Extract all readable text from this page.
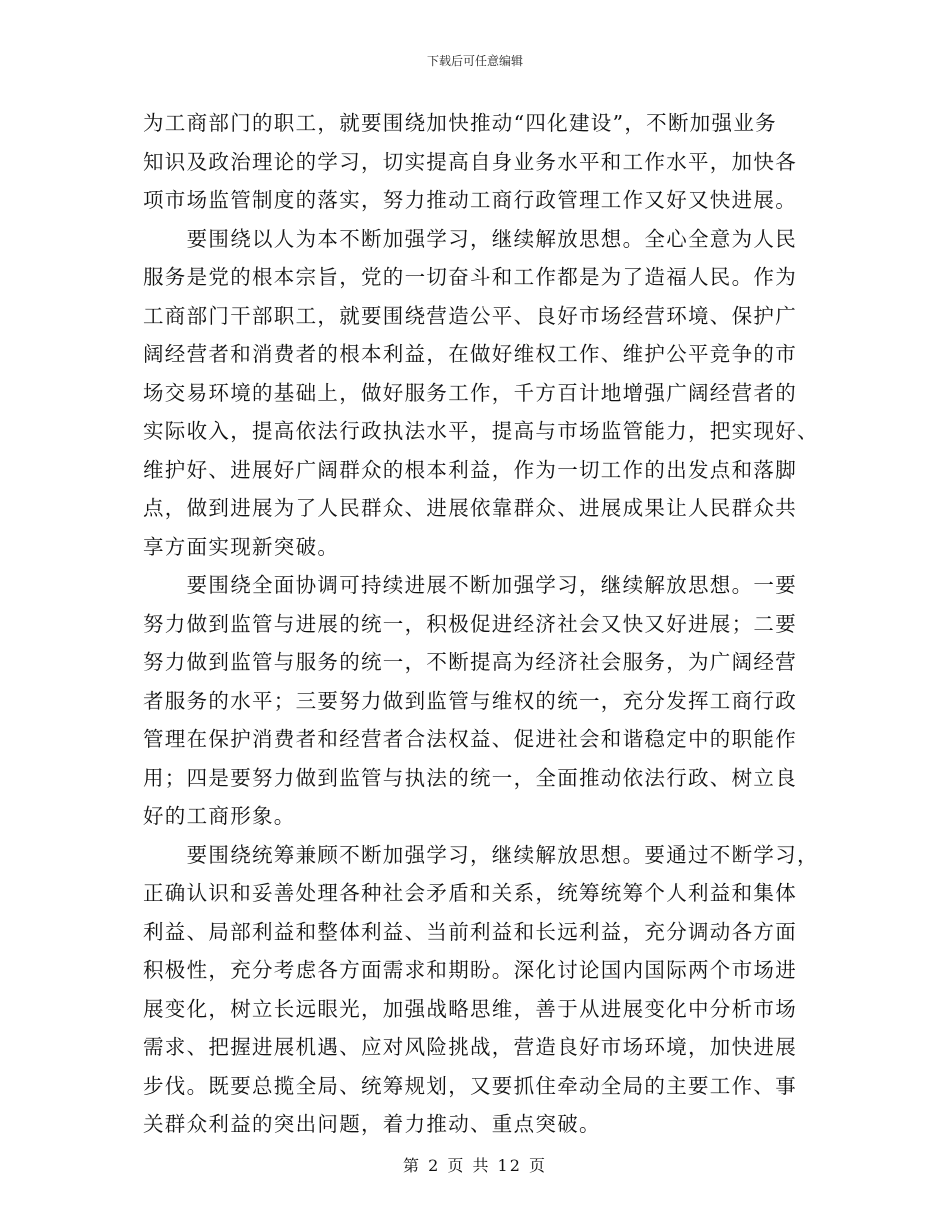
下载后可任意编辑
为工商部门的职工，就要围绕加快推动“四化建设”，不断加强业务
知识及政治理论的学习，切实提高自身业务水平和工作水平，加快各
项市场监管制度的落实，努力推动工商行政管理工作又好又快进展。
　　要围绕以人为本不断加强学习，继续解放思想。全心全意为人民
服务是党的根本宗旨，党的一切奋斗和工作都是为了造福人民。作为
工商部门干部职工，就要围绕营造公平、良好市场经营环境、保护广
阔经营者和消费者的根本利益，在做好维权工作、维护公平竞争的市
场交易环境的基础上，做好服务工作，千方百计地增强广阔经营者的
实际收入，提高依法行政执法水平，提高与市场监管能力，把实现好、
维护好、进展好广阔群众的根本利益，作为一切工作的出发点和落脚
点，做到进展为了人民群众、进展依靠群众、进展成果让人民群众共
享方面实现新突破。
　　要围绕全面协调可持续进展不断加强学习，继续解放思想。一要
努力做到监管与进展的统一，积极促进经济社会又快又好进展；二要
努力做到监管与服务的统一，不断提高为经济社会服务，为广阔经营
者服务的水平；三要努力做到监管与维权的统一，充分发挥工商行政
管理在保护消费者和经营者合法权益、促进社会和谐稳定中的职能作
用；四是要努力做到监管与执法的统一，全面推动依法行政、树立良
好的工商形象。
　　要围绕统筹兼顾不断加强学习，继续解放思想。要通过不断学习，
正确认识和妥善处理各种社会矛盾和关系，统筹统筹个人利益和集体
利益、局部利益和整体利益、当前利益和长远利益，充分调动各方面
积极性，充分考虑各方面需求和期盼。深化讨论国内国际两个市场进
展变化，树立长远眼光，加强战略思维，善于从进展变化中分析市场
需求、把握进展机遇、应对风险挑战，营造良好市场环境，加快进展
步伐。既要总揽全局、统筹规划，又要抓住牵动全局的主要工作、事
关群众利益的突出问题，着力推动、重点突破。
第 2 页 共 12 页
